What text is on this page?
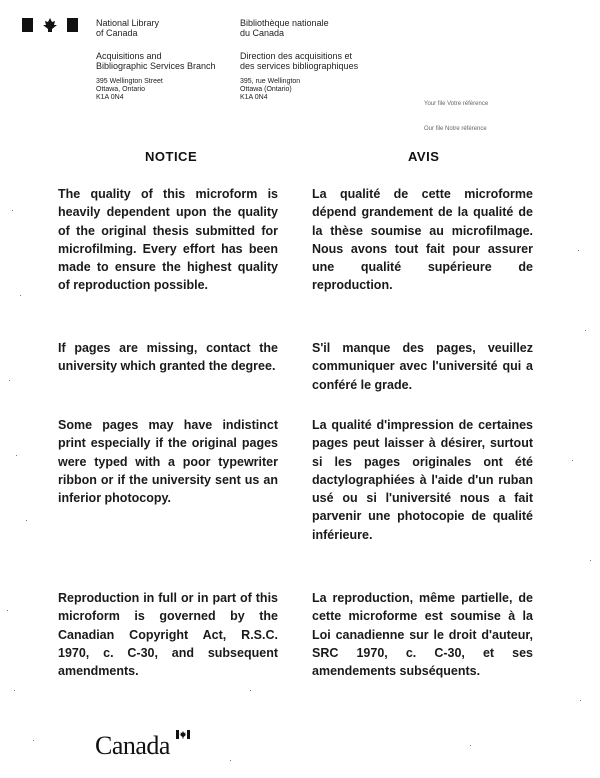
National Library
of Canada
Bibliothèque nationale
du Canada
Acquisitions and
Bibliographic Services Branch
Direction des acquisitions et
des services bibliographiques
395 Wellington Street
Ottawa, Ontario
K1A 0N4
395, rue Wellington
Ottawa (Ontario)
K1A 0N4
Your file Votre référence
Our file Notre référence
NOTICE	AVIS
The quality of this microform is heavily dependent upon the quality of the original thesis submitted for microfilming. Every effort has been made to ensure the highest quality of reproduction possible.
If pages are missing, contact the university which granted the degree.
Some pages may have indistinct print especially if the original pages were typed with a poor typewriter ribbon or if the university sent us an inferior photocopy.
Reproduction in full or in part of this microform is governed by the Canadian Copyright Act, R.S.C. 1970, c. C-30, and subsequent amendments.
La qualité de cette microforme dépend grandement de la qualité de la thèse soumise au microfilmage. Nous avons tout fait pour assurer une qualité supérieure de reproduction.
S'il manque des pages, veuillez communiquer avec l'université qui a conféré le grade.
La qualité d'impression de certaines pages peut laisser à désirer, surtout si les pages originales ont été dactylographiées à l'aide d'un ruban usé ou si l'université nous a fait parvenir une photocopie de qualité inférieure.
La reproduction, même partielle, de cette microforme est soumise à la Loi canadienne sur le droit d'auteur, SRC 1970, c. C-30, et ses amendements subséquents.
Canada
